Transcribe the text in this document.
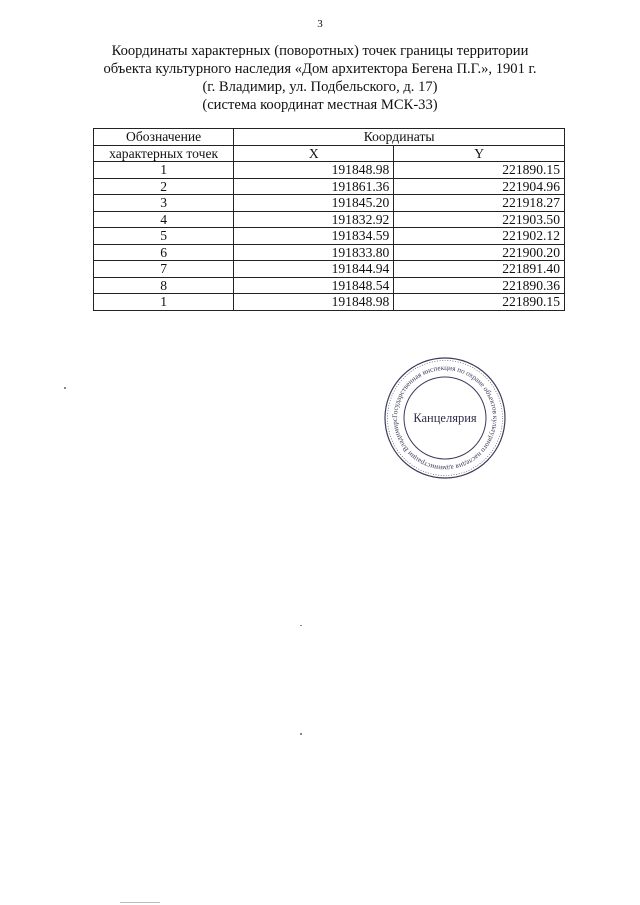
3
Координаты характерных (поворотных) точек границы территории
объекта культурного наследия «Дом архитектора Бегена П.Г.», 1901 г.
(г. Владимир, ул. Подбельского, д. 17)
(система координат местная МСК-33)
Обозначение	Координаты	
характерных точек	X	Y
1	191848.98	221890.15
2	191861.36	221904.96
3	191845.20	221918.27
4	191832.92	221903.50
5	191834.59	221902.12
6	191833.80	221900.20
7	191844.94	221891.40
8	191848.54	221890.36
1	191848.98	221890.15
Государственная инспекция по охране объектов культурного наследия администрации Владимирс	Канцелярия
